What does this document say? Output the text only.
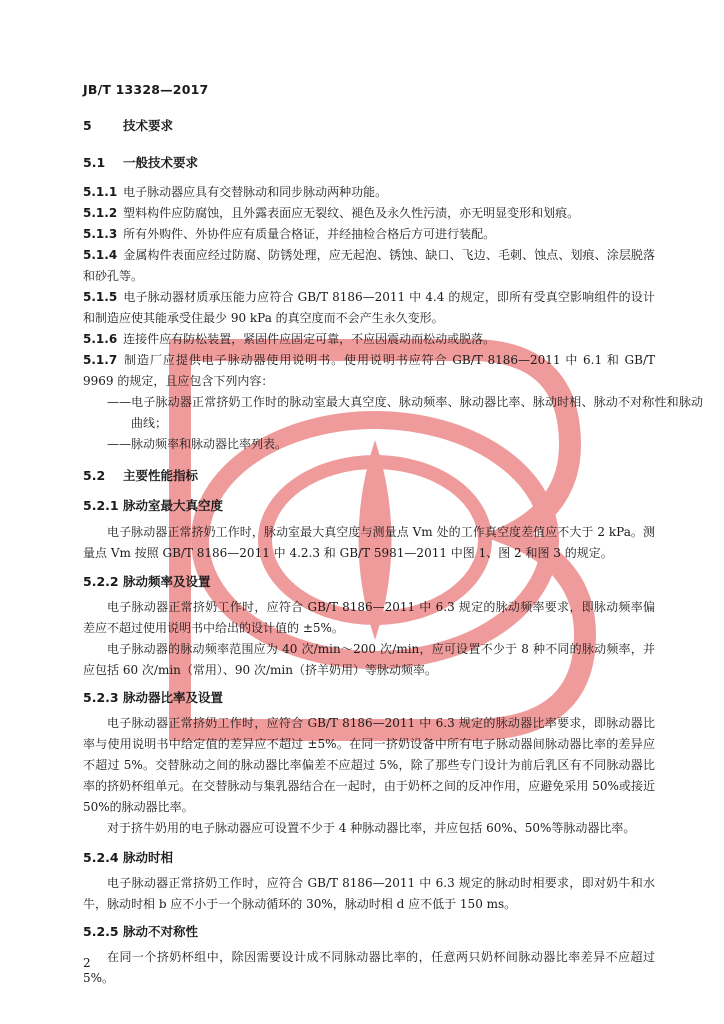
JB/T 13328—2017
5	技术要求
5.1 一般技术要求
5.1.1 电子脉动器应具有交替脉动和同步脉动两种功能。
5.1.2 塑料构件应防腐蚀，且外露表面应无裂纹、褪色及永久性污渍，亦无明显变形和划痕。
5.1.3 所有外购件、外协件应有质量合格证，并经抽检合格后方可进行装配。
5.1.4 金属构件表面应经过防腐、防锈处理，应无起泡、锈蚀、缺口、飞边、毛刺、蚀点、划痕、涂层脱落和砂孔等。
5.1.5 电子脉动器材质承压能力应符合 GB/T 8186—2011 中 4.4 的规定，即所有受真空影响组件的设计和制造应使其能承受住最少 90 kPa 的真空度而不会产生永久变形。
5.1.6 连接件应有防松装置，紧固件应固定可靠，不应因震动而松动或脱落。
5.1.7 制造厂应提供电子脉动器使用说明书。使用说明书应符合 GB/T 8186—2011 中 6.1 和 GB/T 9969 的规定，且应包含下列内容：
——电子脉动器正常挤奶工作时的脉动室最大真空度、脉动频率、脉动器比率、脉动时相、脉动不对称性和脉动曲线；
——脉动频率和脉动器比率列表。
5.2 主要性能指标
5.2.1 脉动室最大真空度
电子脉动器正常挤奶工作时，脉动室最大真空度与测量点 Vm 处的工作真空度差值应不大于 2 kPa。测量点 Vm 按照 GB/T 8186—2011 中 4.2.3 和 GB/T 5981—2011 中图 1、图 2 和图 3 的规定。
5.2.2 脉动频率及设置
电子脉动器正常挤奶工作时，应符合 GB/T 8186—2011 中 6.3 规定的脉动频率要求，即脉动频率偏差应不超过使用说明书中给出的设计值的 ±5%。
电子脉动器的脉动频率范围应为 40 次/min～200 次/min，应可设置不少于 8 种不同的脉动频率，并应包括 60 次/min（常用）、90 次/min（挤羊奶用）等脉动频率。
5.2.3 脉动器比率及设置
电子脉动器正常挤奶工作时，应符合 GB/T 8186—2011 中 6.3 规定的脉动器比率要求，即脉动器比率与使用说明书中给定值的差异应不超过 ±5%。在同一挤奶设备中所有电子脉动器间脉动器比率的差异应不超过 5%。交替脉动之间的脉动器比率偏差不应超过 5%，除了那些专门设计为前后乳区有不同脉动器比率的挤奶杯组单元。在交替脉动与集乳器结合在一起时，由于奶杯之间的反冲作用，应避免采用 50%或接近 50%的脉动器比率。
对于挤牛奶用的电子脉动器应可设置不少于 4 种脉动器比率，并应包括 60%、50%等脉动器比率。
5.2.4 脉动时相
电子脉动器正常挤奶工作时，应符合 GB/T 8186—2011 中 6.3 规定的脉动时相要求，即对奶牛和水牛，脉动时相 b 应不小于一个脉动循环的 30%，脉动时相 d 应不低于 150 ms。
5.2.5 脉动不对称性
在同一个挤奶杯组中，除因需要设计成不同脉动器比率的，任意两只奶杯间脉动器比率差异不应超过 5%。
2
